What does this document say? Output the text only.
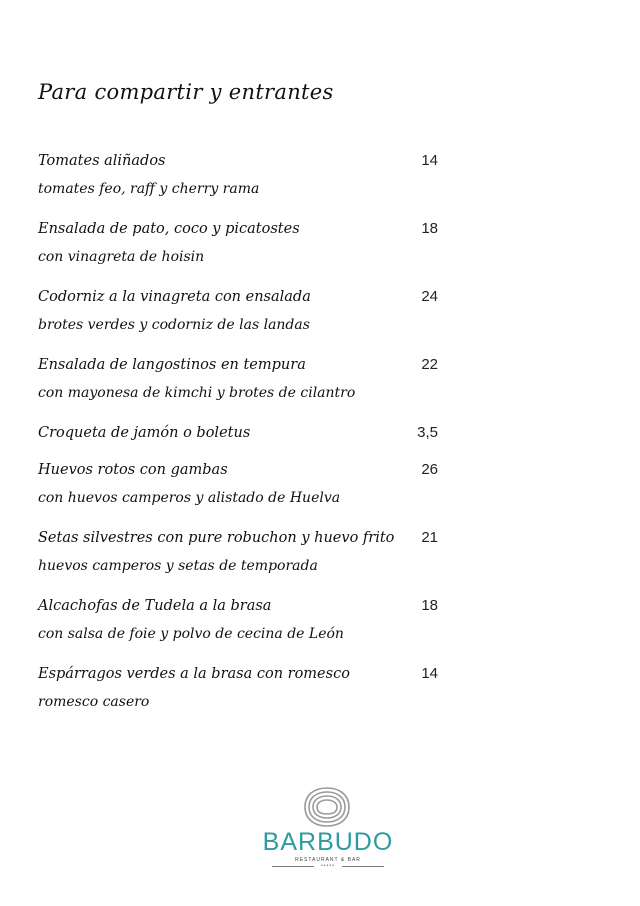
Para compartir y entrantes
Tomates aliñados
tomates feo, raff y cherry rama
14
Ensalada de pato, coco y picatostes
con vinagreta de hoisin
18
Codorniz a la vinagreta con ensalada
brotes verdes y codorniz de las landas
24
Ensalada de langostinos en tempura
con mayonesa de kimchi y brotes de cilantro
22
Croqueta de jamón o boletus	3,5
Huevos rotos con gambas
con huevos camperos y alistado de Huelva
26
Setas silvestres con pure robuchon y huevo frito
huevos camperos y setas de temporada
21
Alcachofas de Tudela a la brasa
con salsa de foie y polvo de cecina de León
18
Espárragos verdes a la brasa con romesco
romesco casero
14
BARBUDO
RESTAURANT & BAR
•••••
